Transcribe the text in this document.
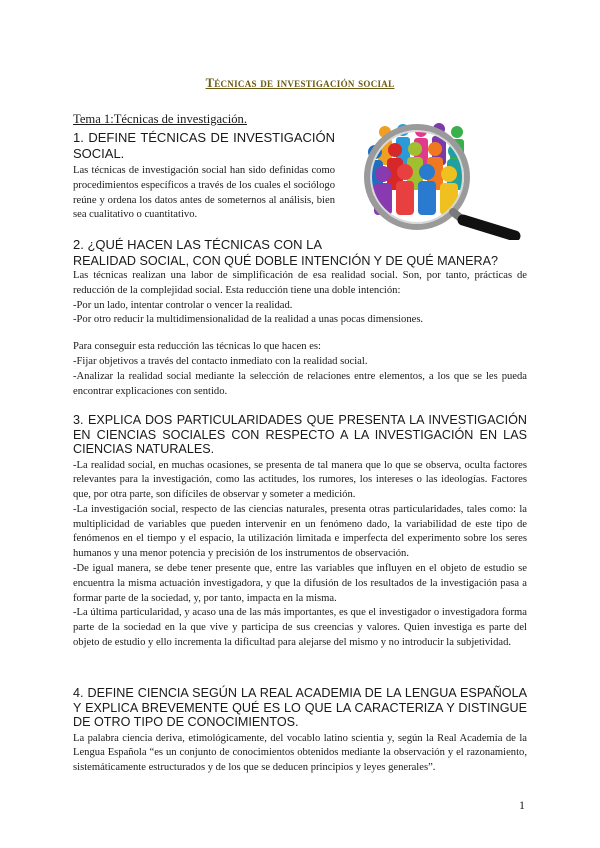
Técnicas de investigación social
Tema 1:Técnicas de investigación.
1. DEFINE TÉCNICAS DE INVESTIGACIÓN SOCIAL.

Las técnicas de investigación social han sido definidas como procedimientos específicos a través de los cuales el sociólogo reúne y ordena los datos antes de someternos al análisis, bien sea cualitativo o cuantitativo.

2. ¿QUÉ HACEN LAS TÉCNICAS CON LA
REALIDAD SOCIAL, CON QUÉ DOBLE INTENCIÓN Y DE QUÉ MANERA?

Las técnicas realizan una labor de simplificación de esa realidad social. Son, por tanto, prácticas de reducción de la complejidad social. Esta reducción tiene una doble intención:

-Por un lado, intentar controlar o vencer la realidad.

-Por otro reducir la multidimensionalidad de la realidad a unas pocas dimensiones.

Para conseguir esta reducción las técnicas lo que hacen es:

-Fijar objetivos a través del contacto inmediato con la realidad social.

-Analizar la realidad social mediante la selección de relaciones entre elementos, a los que se les pueda encontrar explicaciones con sentido.

3. EXPLICA DOS PARTICULARIDADES QUE PRESENTA LA INVESTIGACIÓN EN CIENCIAS SOCIALES CON RESPECTO A LA INVESTIGACIÓN EN LAS CIENCIAS NATURALES.

-La realidad social, en muchas ocasiones, se presenta de tal manera que lo que se observa, oculta factores relevantes para la investigación, como las actitudes, los rumores, los intereses o las ideologías. Factores que, por otra parte, son difíciles de observar y someter a medición.

-La investigación social, respecto de las ciencias naturales, presenta otras particularidades, tales como: la multiplicidad de variables que pueden intervenir en un fenómeno dado, la variabilidad de este tipo de fenómenos en el tiempo y el espacio, la utilización limitada e imperfecta del experimento sobre los seres humanos y una menor potencia y precisión de los instrumentos de observación.

-De igual manera, se debe tener presente que, entre las variables que influyen en el objeto de estudio se encuentra la misma actuación investigadora, y que la difusión de los resultados de la investigación pasa a formar parte de la sociedad, y, por tanto, impacta en la misma.

-La última particularidad, y acaso una de las más importantes, es que el investigador o investigadora forma parte de la sociedad en la que vive y participa de sus creencias y valores. Quien investiga es parte del objeto de estudio y ello incrementa la dificultad para alejarse del mismo y no introducir la subjetividad.

4. DEFINE CIENCIA SEGÚN LA REAL ACADEMIA DE LA LENGUA ESPAÑOLA Y EXPLICA BREVEMENTE QUÉ ES LO QUE LA CARACTERIZA Y DISTINGUE DE OTRO TIPO DE CONOCIMIENTOS.

La palabra ciencia deriva, etimológicamente, del vocablo latino scientia y, según la Real Academia de la Lengua Española “es un conjunto de conocimientos obtenidos mediante la observación y el razonamiento, sistemáticamente estructurados y de los que se deducen principios y leyes generales”.

1
